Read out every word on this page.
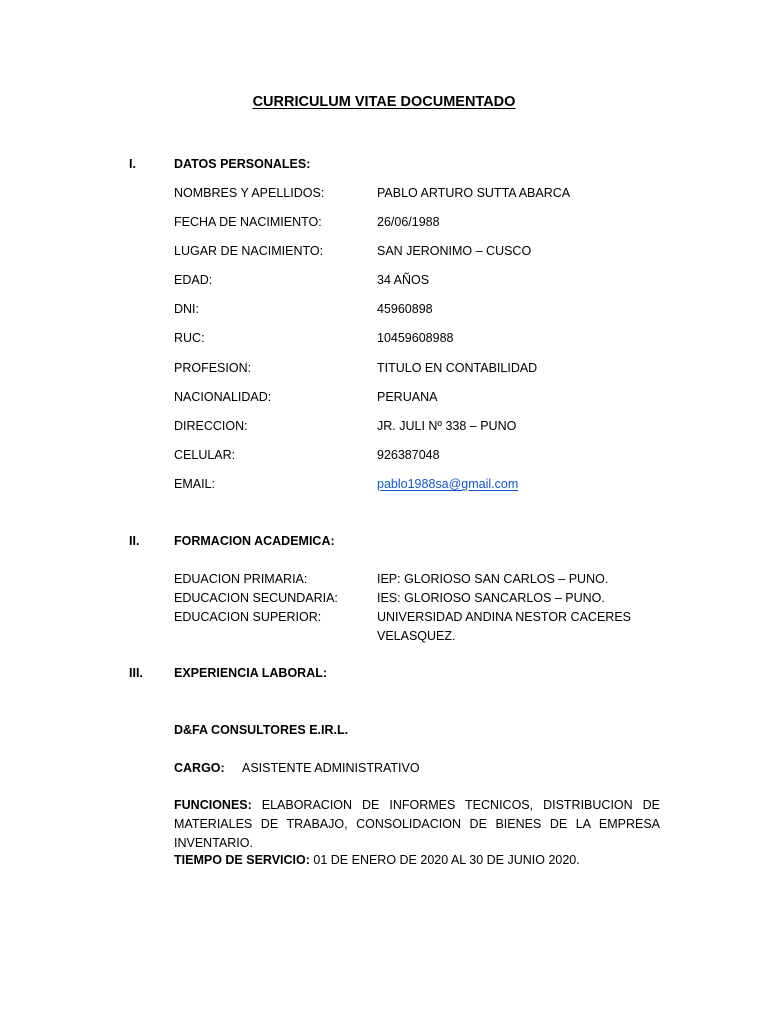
CURRICULUM VITAE DOCUMENTADO
I.	DATOS PERSONALES:
NOMBRES Y APELLIDOS:	PABLO ARTURO SUTTA ABARCA
FECHA DE NACIMIENTO:	26/06/1988
LUGAR DE NACIMIENTO:	SAN JERONIMO – CUSCO
EDAD:	34 AÑOS
DNI:	45960898
RUC:	10459608988
PROFESION:	TITULO EN CONTABILIDAD
NACIONALIDAD:	PERUANA
DIRECCION:	JR. JULI Nº 338 – PUNO
CELULAR:	926387048
EMAIL:	pablo1988sa@gmail.com
II.	FORMACION ACADEMICA:
EDUACION PRIMARIA:	IEP: GLORIOSO SAN CARLOS – PUNO.
EDUCACION SECUNDARIA:	IES: GLORIOSO SANCARLOS – PUNO.
EDUCACION SUPERIOR:	UNIVERSIDAD ANDINA NESTOR CACERES
VELASQUEZ.
III. EXPERIENCIA LABORAL:
D&FA CONSULTORES E.IR.L.
CARGO: ASISTENTE ADMINISTRATIVO
FUNCIONES: ELABORACION DE INFORMES TECNICOS, DISTRIBUCION DE MATERIALES DE TRABAJO, CONSOLIDACION DE BIENES DE LA EMPRESA INVENTARIO.
TIEMPO DE SERVICIO: 01 DE ENERO DE 2020 AL 30 DE JUNIO 2020.
